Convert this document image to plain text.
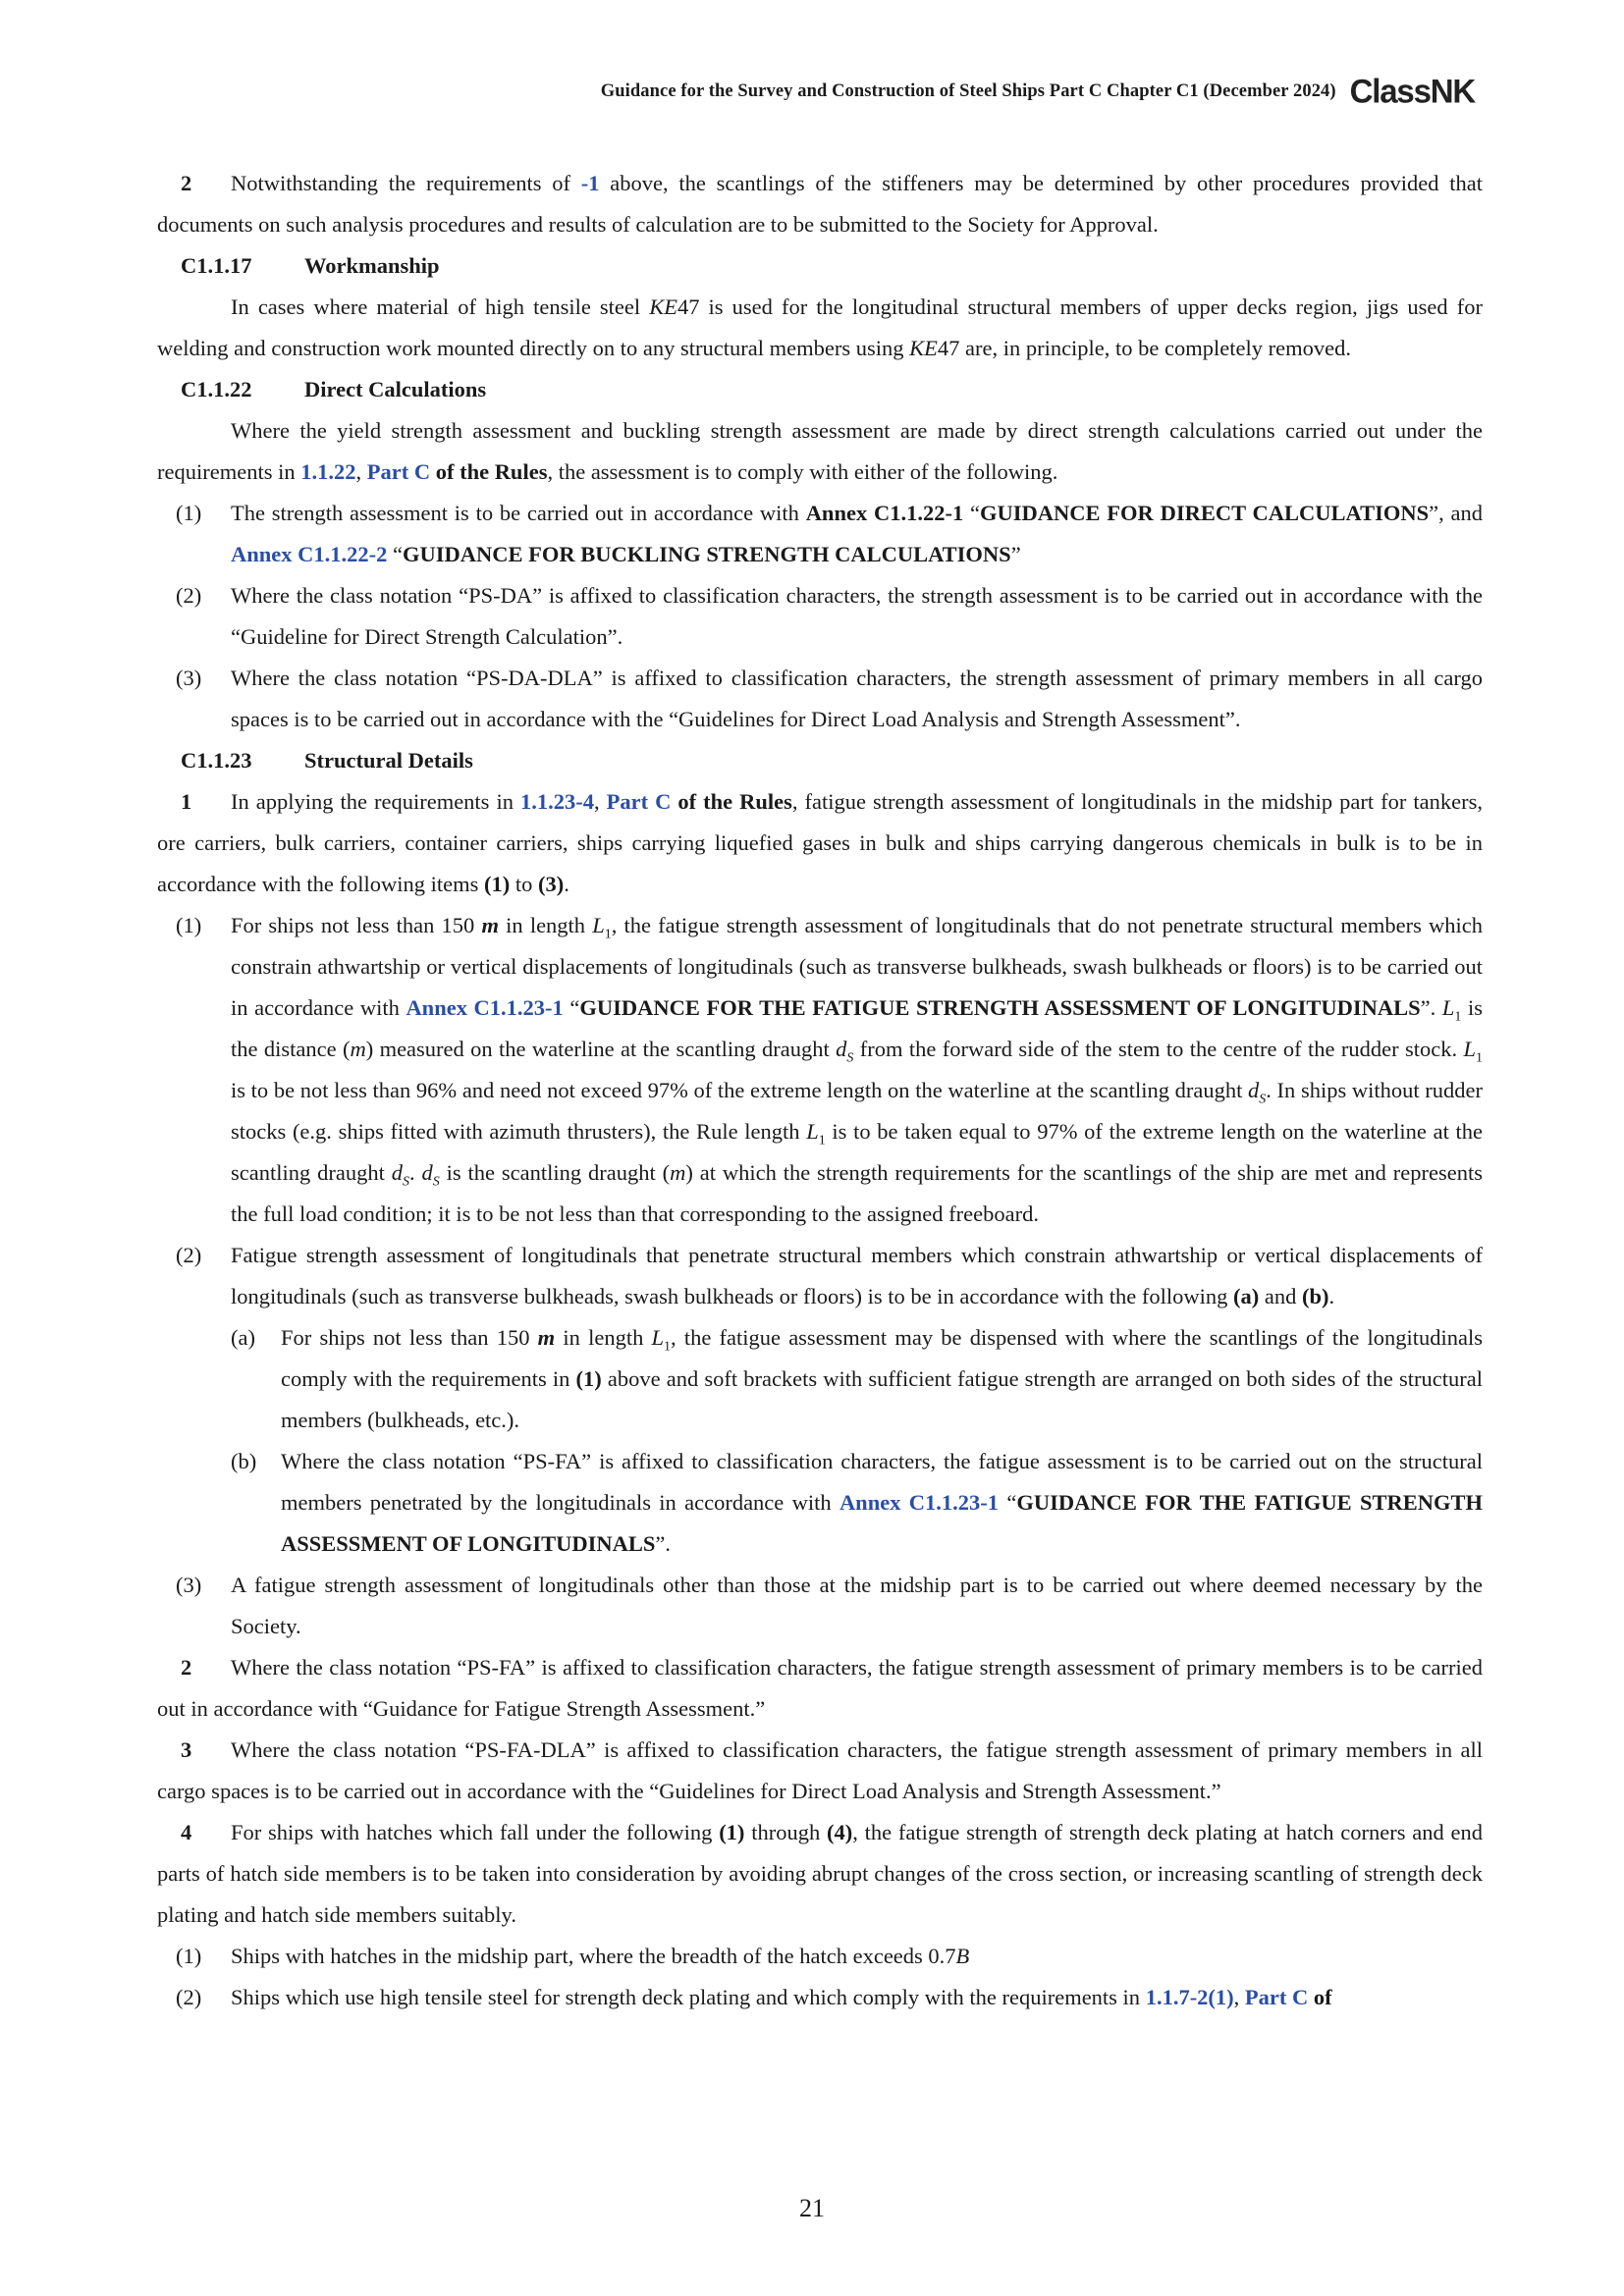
Guidance for the Survey and Construction of Steel Ships Part C Chapter C1 (December 2024) ClassNK

2 Notwithstanding the requirements of -1 above, the scantlings of the stiffeners may be determined by other procedures provided that documents on such analysis procedures and results of calculation are to be submitted to the Society for Approval.

C1.1.17 Workmanship

In cases where material of high tensile steel KE47 is used for the longitudinal structural members of upper decks region, jigs used for welding and construction work mounted directly on to any structural members using KE47 are, in principle, to be completely removed.

C1.1.22 Direct Calculations

Where the yield strength assessment and buckling strength assessment are made by direct strength calculations carried out under the requirements in 1.1.22, Part C of the Rules, the assessment is to comply with either of the following.

(1) The strength assessment is to be carried out in accordance with Annex C1.1.22-1 “GUIDANCE FOR DIRECT CALCULATIONS”, and Annex C1.1.22-2 “GUIDANCE FOR BUCKLING STRENGTH CALCULATIONS”

(2) Where the class notation “PS-DA” is affixed to classification characters, the strength assessment is to be carried out in accordance with the “Guideline for Direct Strength Calculation”.

(3) Where the class notation “PS-DA-DLA” is affixed to classification characters, the strength assessment of primary members in all cargo spaces is to be carried out in accordance with the “Guidelines for Direct Load Analysis and Strength Assessment”.

C1.1.23 Structural Details

1 In applying the requirements in 1.1.23-4, Part C of the Rules, fatigue strength assessment of longitudinals in the midship part for tankers, ore carriers, bulk carriers, container carriers, ships carrying liquefied gases in bulk and ships carrying dangerous chemicals in bulk is to be in accordance with the following items (1) to (3).

(1) For ships not less than 150 m in length $L_1$, the fatigue strength assessment of longitudinals that do not penetrate structural members which constrain athwartship or vertical displacements of longitudinals (such as transverse bulkheads, swash bulkheads or floors) is to be carried out in accordance with Annex C1.1.23-1 “GUIDANCE FOR THE FATIGUE STRENGTH ASSESSMENT OF LONGITUDINALS”. $L_1$ is the distance (m) measured on the waterline at the scantling draught $d_S$ from the forward side of the stem to the centre of the rudder stock. $L_1$ is to be not less than 96% and need not exceed 97% of the extreme length on the waterline at the scantling draught $d_S$. In ships without rudder stocks (e.g. ships fitted with azimuth thrusters), the Rule length $L_1$ is to be taken equal to 97% of the extreme length on the waterline at the scantling draught $d_S$. $d_S$ is the scantling draught (m) at which the strength requirements for the scantlings of the ship are met and represents the full load condition; it is to be not less than that corresponding to the assigned freeboard.

(2) Fatigue strength assessment of longitudinals that penetrate structural members which constrain athwartship or vertical displacements of longitudinals (such as transverse bulkheads, swash bulkheads or floors) is to be in accordance with the following (a) and (b).

(a) For ships not less than 150 m in length $L_1$, the fatigue assessment may be dispensed with where the scantlings of the longitudinals comply with the requirements in (1) above and soft brackets with sufficient fatigue strength are arranged on both sides of the structural members (bulkheads, etc.).

(b) Where the class notation “PS-FA” is affixed to classification characters, the fatigue assessment is to be carried out on the structural members penetrated by the longitudinals in accordance with Annex C1.1.23-1 “GUIDANCE FOR THE FATIGUE STRENGTH ASSESSMENT OF LONGITUDINALS”.

(3) A fatigue strength assessment of longitudinals other than those at the midship part is to be carried out where deemed necessary by the Society.

2 Where the class notation “PS-FA” is affixed to classification characters, the fatigue strength assessment of primary members is to be carried out in accordance with “Guidance for Fatigue Strength Assessment.”

3 Where the class notation “PS-FA-DLA” is affixed to classification characters, the fatigue strength assessment of primary members in all cargo spaces is to be carried out in accordance with the “Guidelines for Direct Load Analysis and Strength Assessment.”

4 For ships with hatches which fall under the following (1) through (4), the fatigue strength of strength deck plating at hatch corners and end parts of hatch side members is to be taken into consideration by avoiding abrupt changes of the cross section, or increasing scantling of strength deck plating and hatch side members suitably.

(1) Ships with hatches in the midship part, where the breadth of the hatch exceeds 0.7B

(2) Ships which use high tensile steel for strength deck plating and which comply with the requirements in 1.1.7-2(1), Part C of

21
